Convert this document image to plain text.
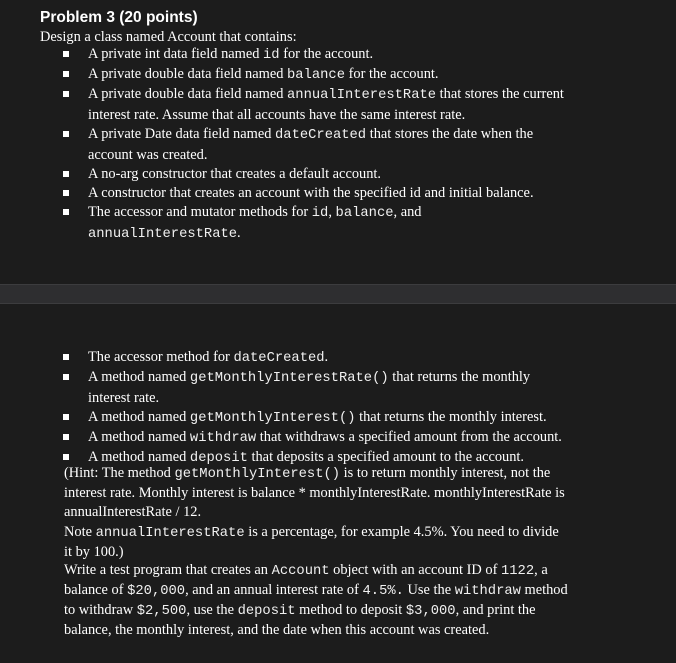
Problem 3 (20 points)
Design a class named Account that contains:
A private int data field named id for the account.
A private double data field named balance for the account.
A private double data field named annualInterestRate that stores the current
interest rate. Assume that all accounts have the same interest rate.
A private Date data field named dateCreated that stores the date when the
account was created.
A no-arg constructor that creates a default account.
A constructor that creates an account with the specified id and initial balance.
The accessor and mutator methods for id, balance, and
annualInterestRate.
The accessor method for dateCreated.
A method named getMonthlyInterestRate() that returns the monthly
interest rate.
A method named getMonthlyInterest() that returns the monthly interest.
A method named withdraw that withdraws a specified amount from the account.
A method named deposit that deposits a specified amount to the account.
(Hint: The method getMonthlyInterest() is to return monthly interest, not the
interest rate. Monthly interest is balance * monthlyInterestRate. monthlyInterestRate is
annualInterestRate / 12.
Note annualInterestRate is a percentage, for example 4.5%. You need to divide
it by 100.)
Write a test program that creates an Account object with an account ID of 1122, a
balance of $20,000, and an annual interest rate of 4.5%. Use the withdraw method
to withdraw $2,500, use the deposit method to deposit $3,000, and print the
balance, the monthly interest, and the date when this account was created.
